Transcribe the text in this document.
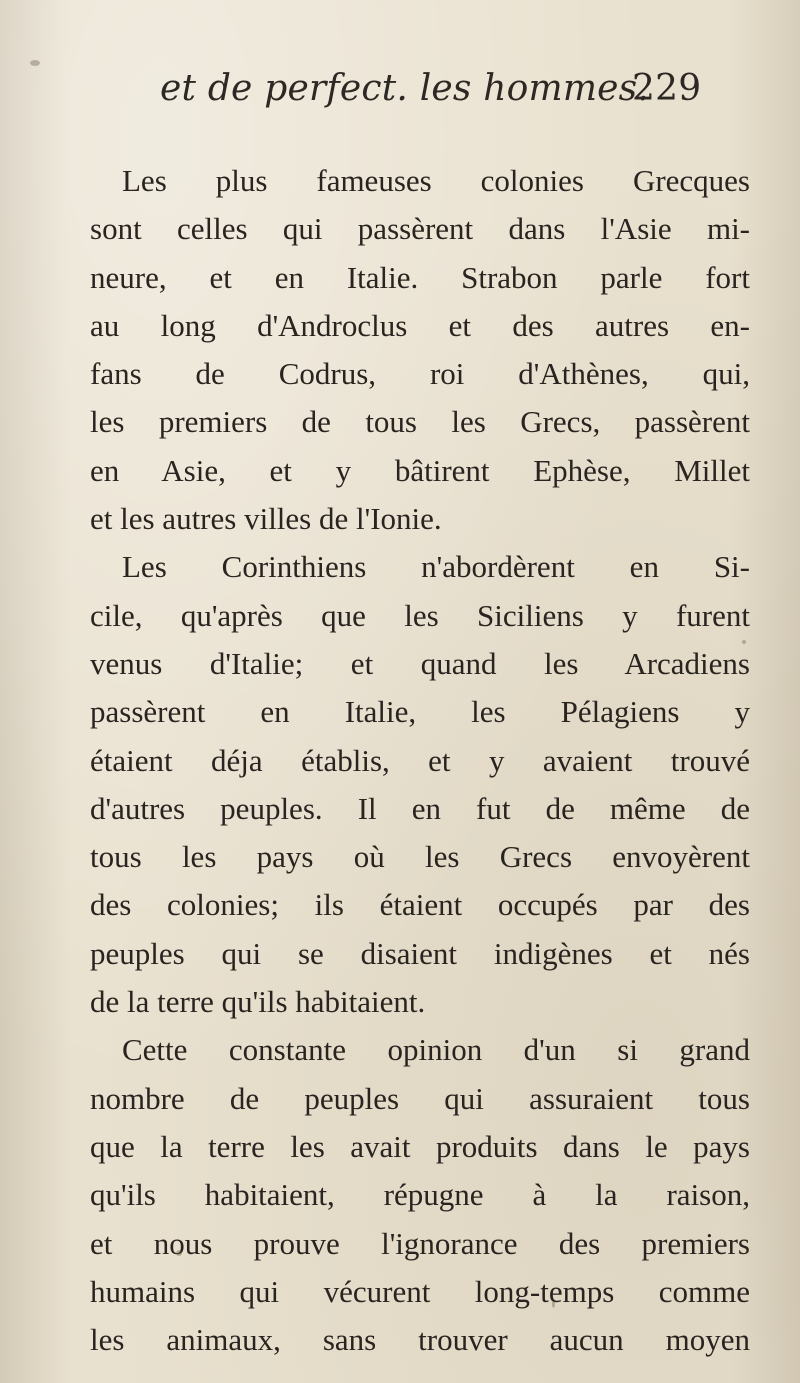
et de perfect. les hommes.
229
Les plus fameuses colonies Grecques
sont celles qui passèrent dans l'Asie mi-
neure, et en Italie. Strabon parle fort
au long d'Androclus et des autres en-
fans de Codrus, roi d'Athènes, qui,
les premiers de tous les Grecs, passèrent
en Asie, et y bâtirent Ephèse, Millet
et les autres villes de l'Ionie.
Les Corinthiens n'abordèrent en Si-
cile, qu'après que les Siciliens y furent
venus d'Italie; et quand les Arcadiens
passèrent en Italie, les Pélagiens y
étaient déja établis, et y avaient trouvé
d'autres peuples. Il en fut de même de
tous les pays où les Grecs envoyèrent
des colonies; ils étaient occupés par des
peuples qui se disaient indigènes et nés
de la terre qu'ils habitaient.
Cette constante opinion d'un si grand
nombre de peuples qui assuraient tous
que la terre les avait produits dans le pays
qu'ils habitaient, répugne à la raison,
et nous prouve l'ignorance des premiers
humains qui vécurent long-temps comme
les animaux, sans trouver aucun moyen
